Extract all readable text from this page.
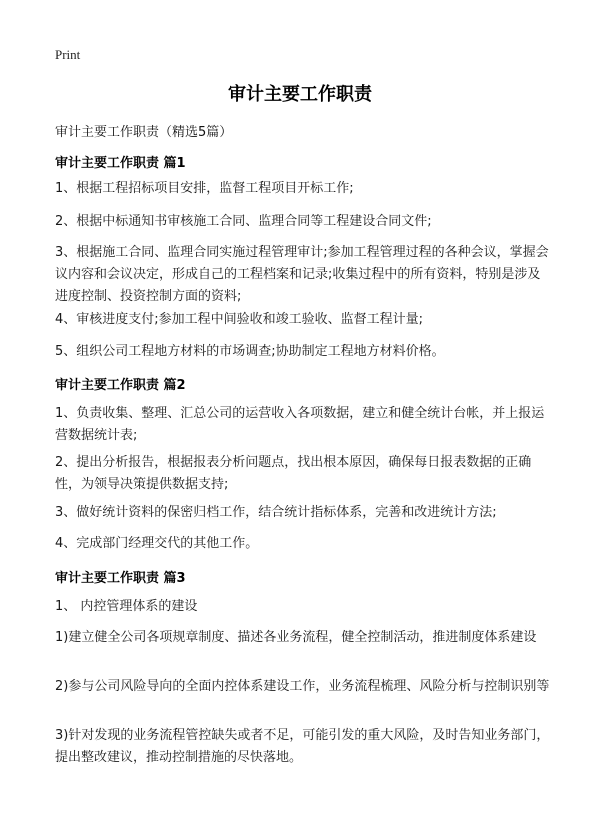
Print
审计主要工作职责
审计主要工作职责（精选5篇）
审计主要工作职责 篇1
1、根据工程招标项目安排，监督工程项目开标工作;
2、根据中标通知书审核施工合同、监理合同等工程建设合同文件;
3、根据施工合同、监理合同实施过程管理审计;参加工程管理过程的各种会议，掌握会议内容和会议决定，形成自己的工程档案和记录;收集过程中的所有资料，特别是涉及进度控制、投资控制方面的资料;
4、审核进度支付;参加工程中间验收和竣工验收、监督工程计量;
5、组织公司工程地方材料的市场调查;协助制定工程地方材料价格。
审计主要工作职责 篇2
1、负责收集、整理、汇总公司的运营收入各项数据，建立和健全统计台帐，并上报运营数据统计表;
2、提出分析报告，根据报表分析问题点，找出根本原因，确保每日报表数据的正确性，为领导决策提供数据支持;
3、做好统计资料的保密归档工作，结合统计指标体系，完善和改进统计方法;
4、完成部门经理交代的其他工作。
审计主要工作职责 篇3
1、 内控管理体系的建设
1)建立健全公司各项规章制度、描述各业务流程，健全控制活动，推进制度体系建设
2)参与公司风险导向的全面内控体系建设工作，业务流程梳理、风险分析与控制识别等
3)针对发现的业务流程管控缺失或者不足，可能引发的重大风险，及时告知业务部门，提出整改建议，推动控制措施的尽快落地。
